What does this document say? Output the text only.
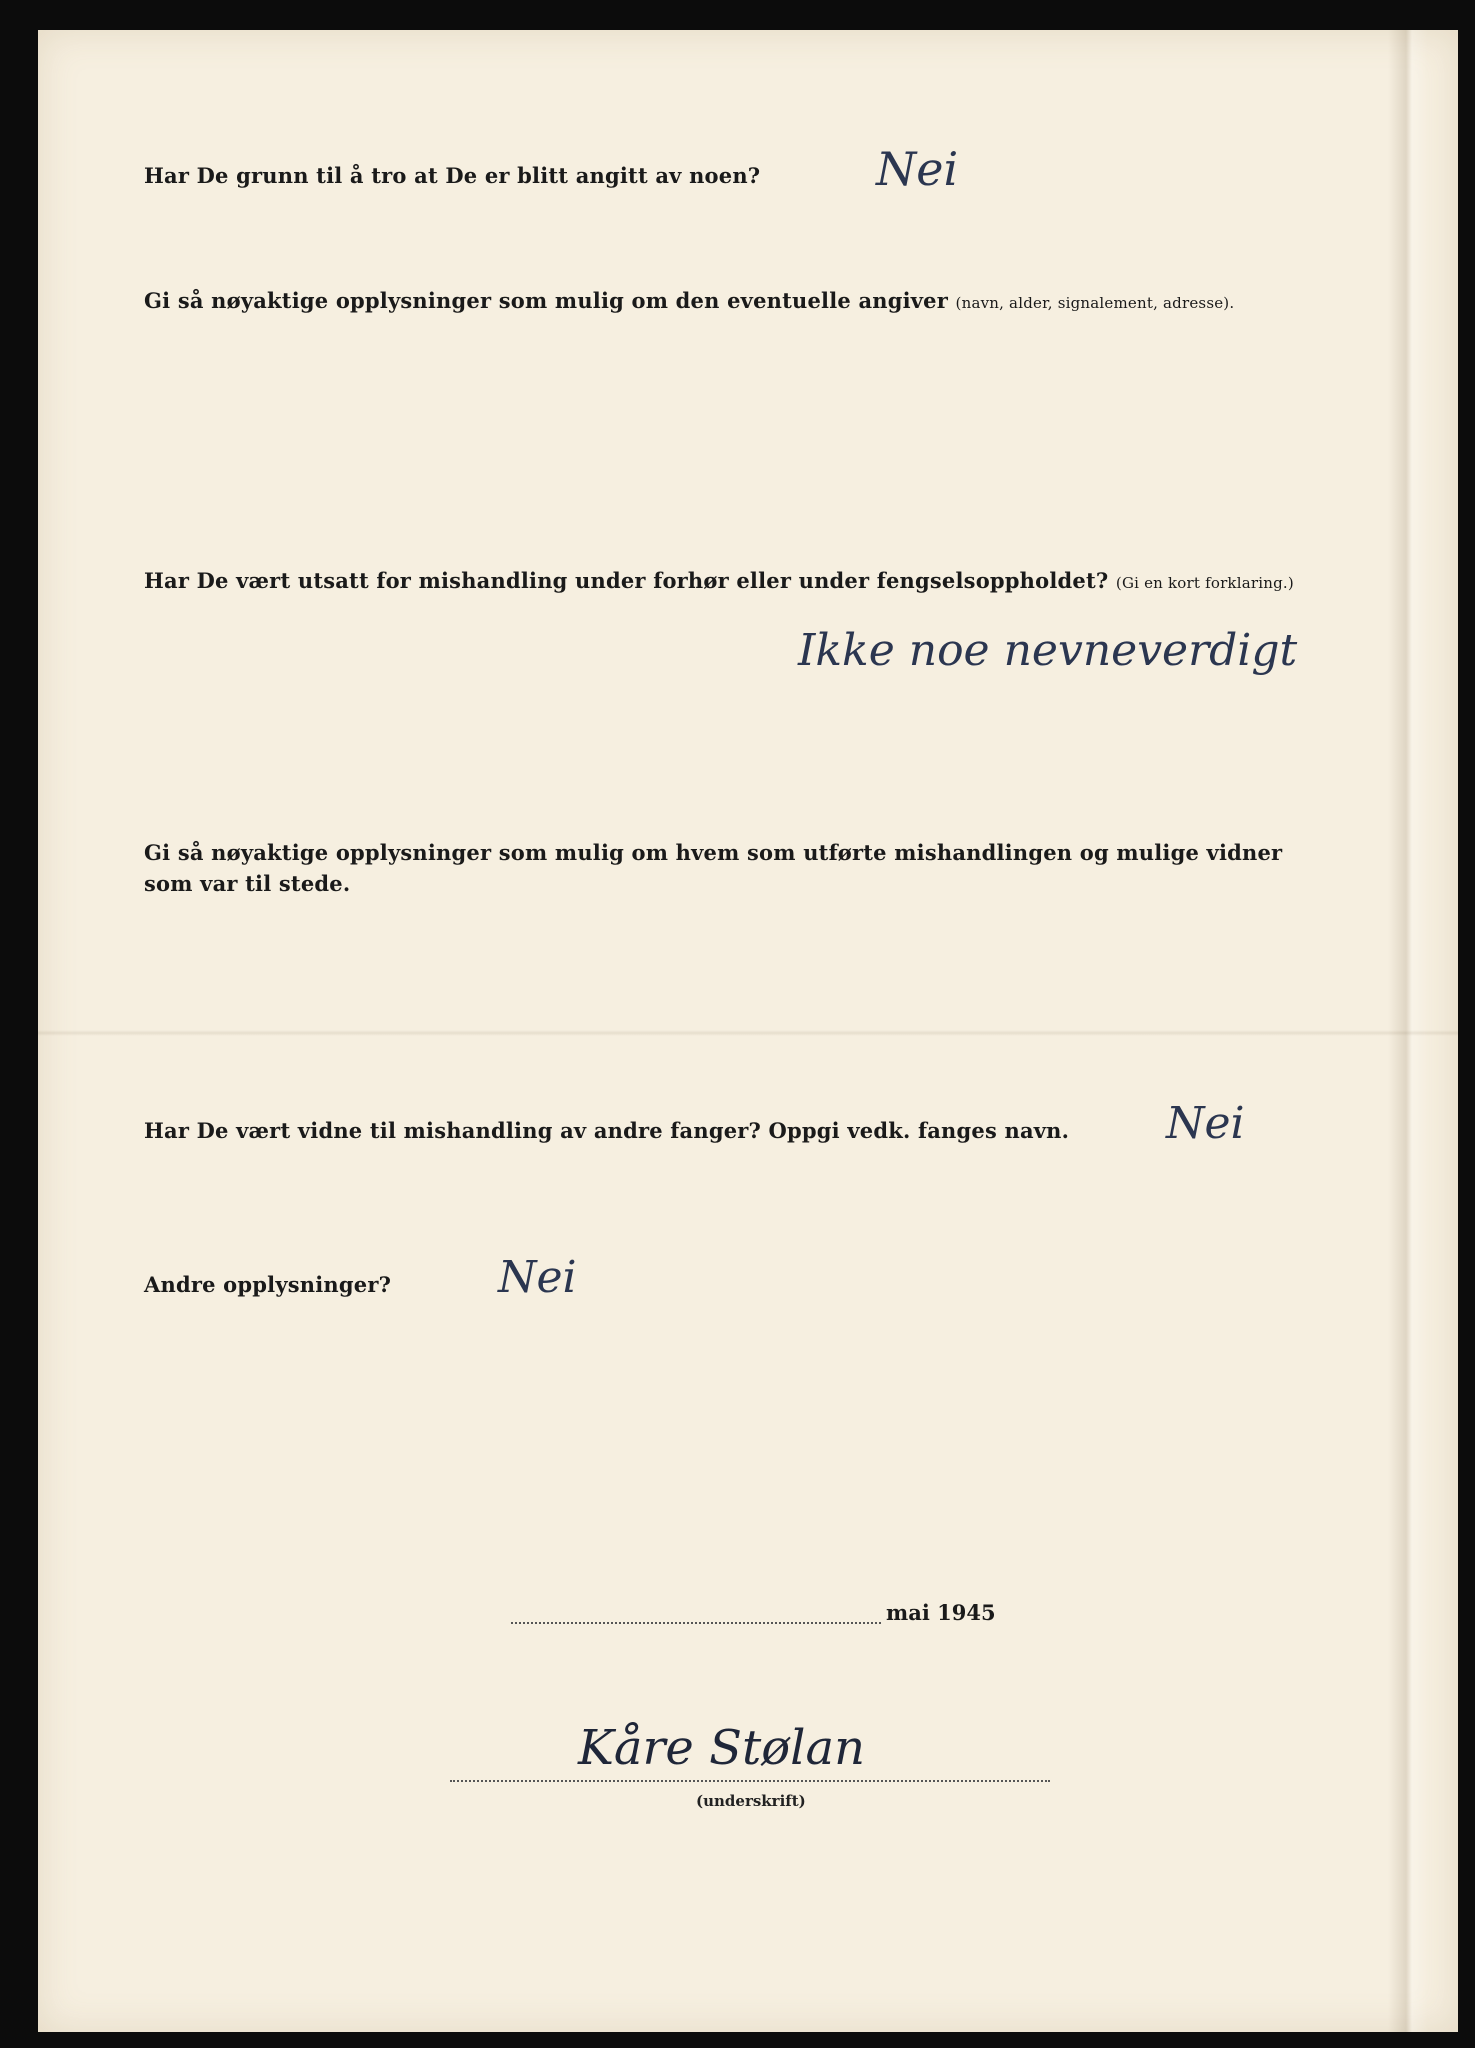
Har De grunn til å tro at De er blitt angitt av noen?	Nei
Gi så nøyaktige opplysninger som mulig om den eventuelle angiver (navn, alder, signalement, adresse).
Har De vært utsatt for mishandling under forhør eller under fengselsoppholdet? (Gi en kort forklaring.)
Ikke noe nevneverdigt
Gi så nøyaktige opplysninger som mulig om hvem som utførte mishandlingen og mulige vidner
som var til stede.
Har De vært vidne til mishandling av andre fanger? Oppgi vedk. fanges navn. Nei
Andre opplysninger? Nei
mai 1945
Kåre Stølan
(underskrift)
